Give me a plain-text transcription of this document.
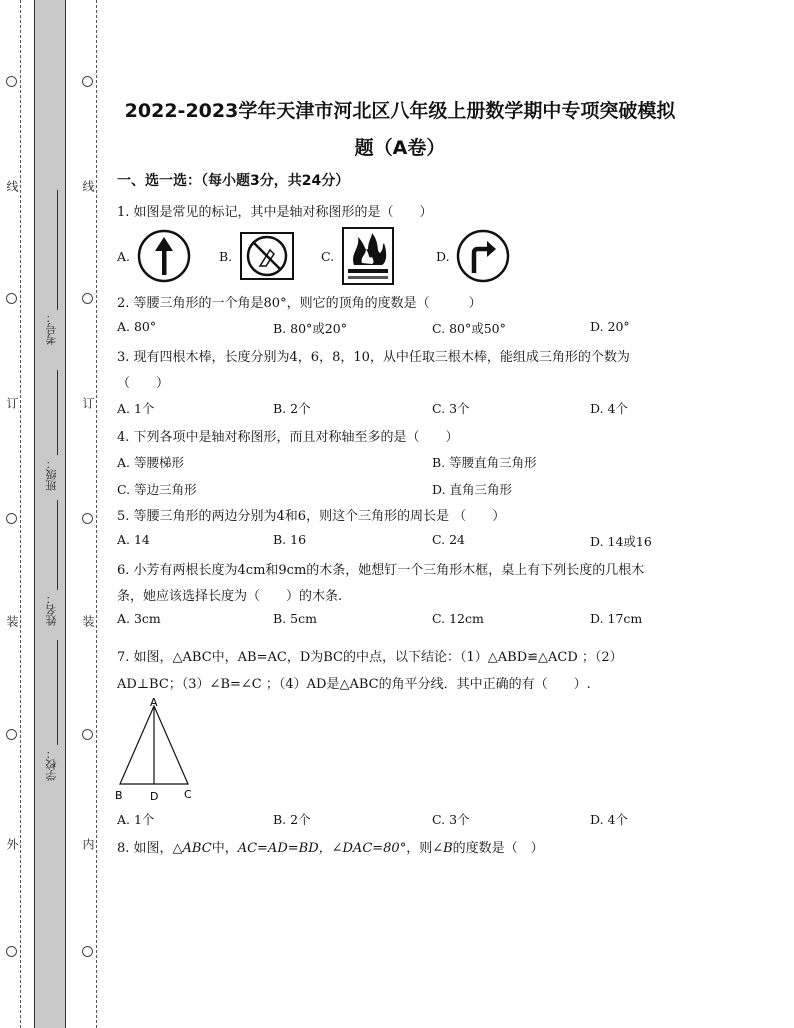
线
订
装
外
线
订
装
内
考号：
班级：
姓名：
学校：
2022-2023学年天津市河北区八年级上册数学期中专项突破模拟
题（A卷）
一、选一选：（每小题3分，共24分）
1. 如图是常见的标记，其中是轴对称图形的是（　　）
A.	B.	C.	D.
2. 等腰三角形的一个角是80°，则它的顶角的度数是（　　　）
A. 80°	B. 80°或20°	C. 80°或50°	D. 20°
3. 现有四根木棒，长度分别为4，6，8，10，从中任取三根木棒，能组成三角形的个数为
（　　）
A. 1个	B. 2个	C. 3个	D. 4个
4. 下列各项中是轴对称图形，而且对称轴至多的是（　　）
A. 等腰梯形	B. 等腰直角三角形
C. 等边三角形	D. 直角三角形
5. 等腰三角形的两边分别为4和6，则这个三角形的周长是 （　　）
A. 14	B. 16	C. 24	D. 14或16
6. 小芳有两根长度为4cm和9cm的木条，她想钉一个三角形木框，桌上有下列长度的几根木
条，她应该选择长度为（　　）的木条.
A. 3cm	B. 5cm	C. 12cm	D. 17cm
7. 如图，△ABC中，AB=AC，D为BC的中点，以下结论：（1）△ABD≌△ACD ；（2）
AD⊥BC；（3）∠B=∠C ；（4）AD是△ABC的角平分线．其中正确的有（　　）.
A
B D C
A. 1个	B. 2个	C. 3个	D. 4个
8. 如图，△ABC中，AC=AD=BD，∠DAC=80°，则∠B的度数是（　）
